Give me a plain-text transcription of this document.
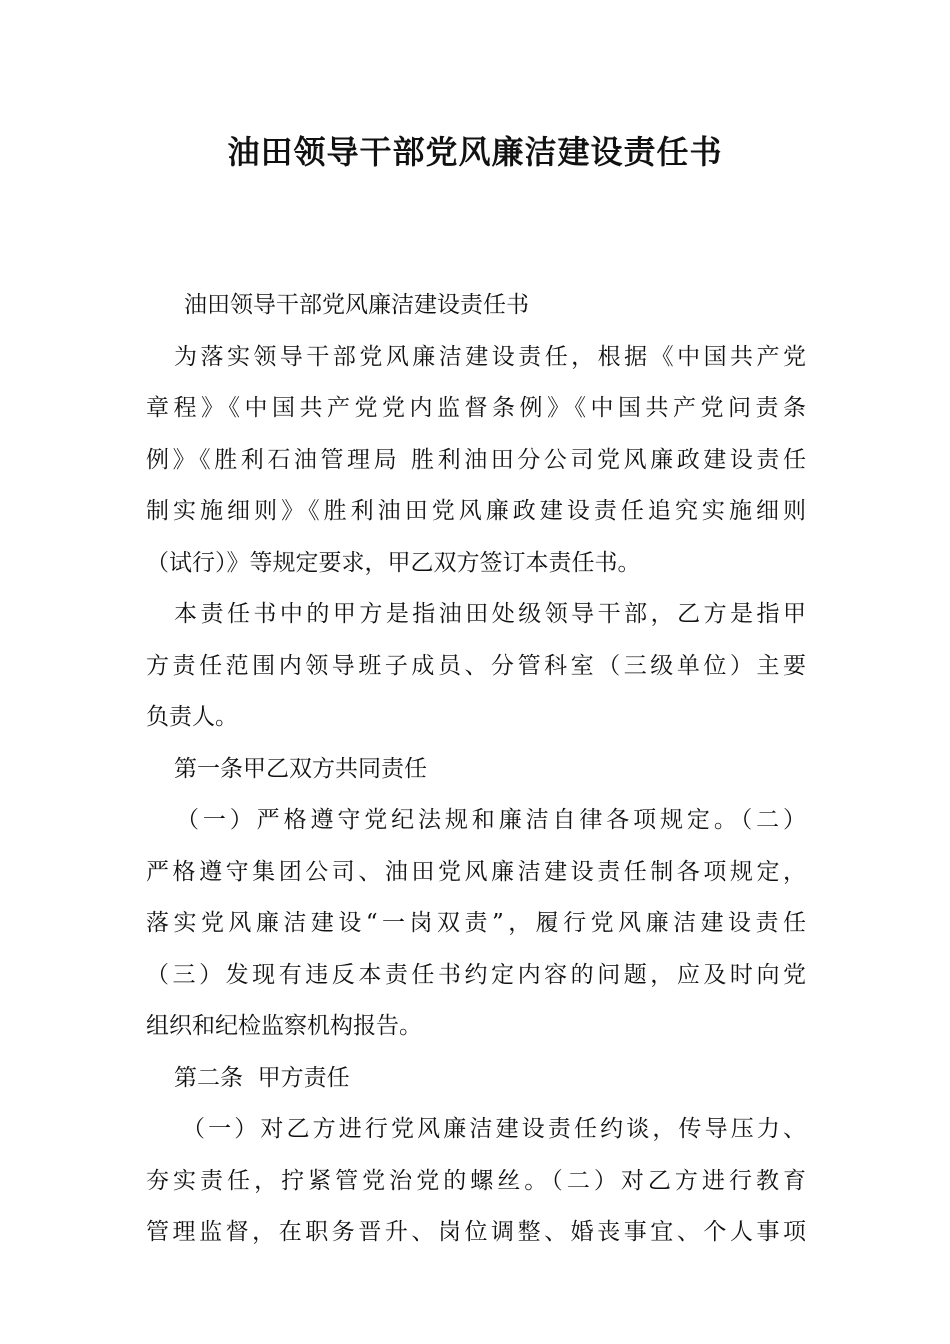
油田领导干部党风廉洁建设责任书
油田领导干部党风廉洁建设责任书
为落实领导干部党风廉洁建设责任，根据《中国共产党
章程》《中国共产党党内监督条例》《中国共产党问责条
例》《胜利石油管理局 胜利油田分公司党风廉政建设责任
制实施细则》《胜利油田党风廉政建设责任追究实施细则
（试行）》等规定要求，甲乙双方签订本责任书。
本责任书中的甲方是指油田处级领导干部，乙方是指甲
方责任范围内领导班子成员、分管科室（三级单位）主要
负责人。
第一条甲乙双方共同责任
（一）严格遵守党纪法规和廉洁自律各项规定。（二）
严格遵守集团公司、油田党风廉洁建设责任制各项规定，
落实党风廉洁建设“一岗双责”，履行党风廉洁建设责任
（三）发现有违反本责任书约定内容的问题，应及时向党
组织和纪检监察机构报告。
第二条  甲方责任
（一）对乙方进行党风廉洁建设责任约谈，传导压力、
夯实责任，拧紧管党治党的螺丝。（二）对乙方进行教育
管理监督，在职务晋升、岗位调整、婚丧事宜、个人事项
